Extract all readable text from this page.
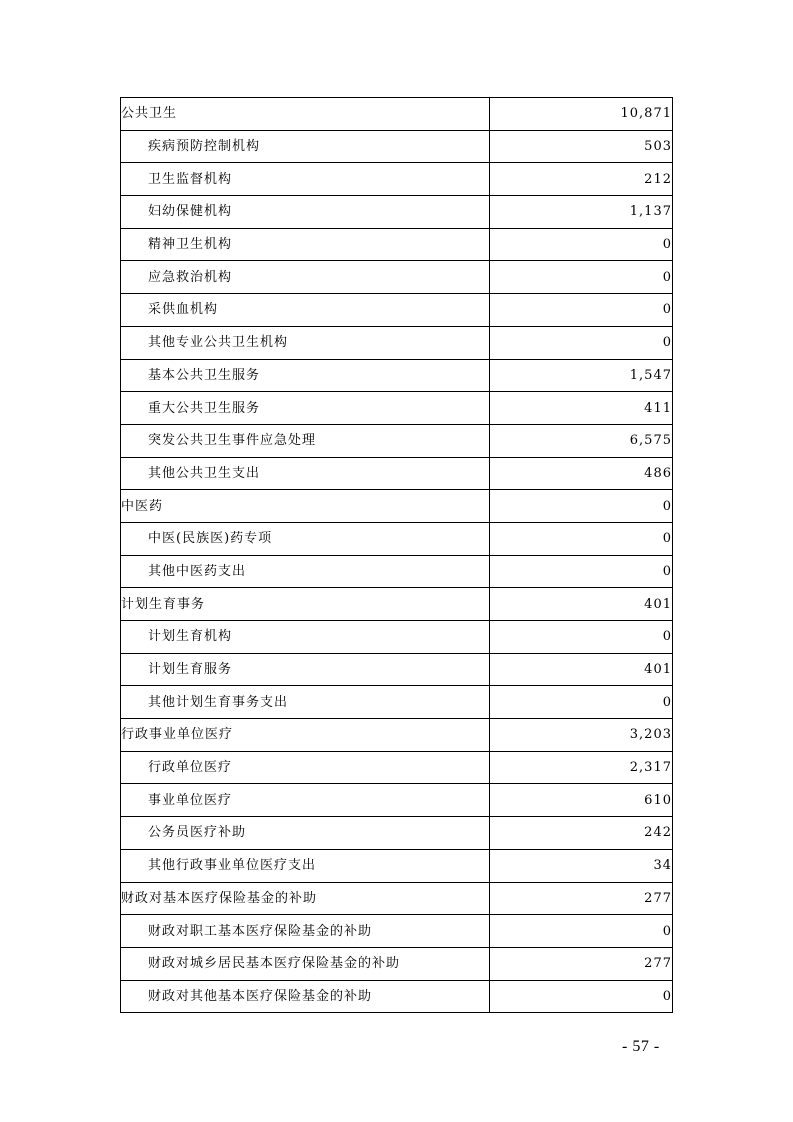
公共卫生	10,871
疾病预防控制机构	503
卫生监督机构	212
妇幼保健机构	1,137
精神卫生机构	0
应急救治机构	0
采供血机构	0
其他专业公共卫生机构	0
基本公共卫生服务	1,547
重大公共卫生服务	411
突发公共卫生事件应急处理	6,575
其他公共卫生支出	486
中医药	0
中医(民族医)药专项	0
其他中医药支出	0
计划生育事务	401
计划生育机构	0
计划生育服务	401
其他计划生育事务支出	0
行政事业单位医疗	3,203
行政单位医疗	2,317
事业单位医疗	610
公务员医疗补助	242
其他行政事业单位医疗支出	34
财政对基本医疗保险基金的补助	277
财政对职工基本医疗保险基金的补助	0
财政对城乡居民基本医疗保险基金的补助	277
财政对其他基本医疗保险基金的补助	0
- 57 -
